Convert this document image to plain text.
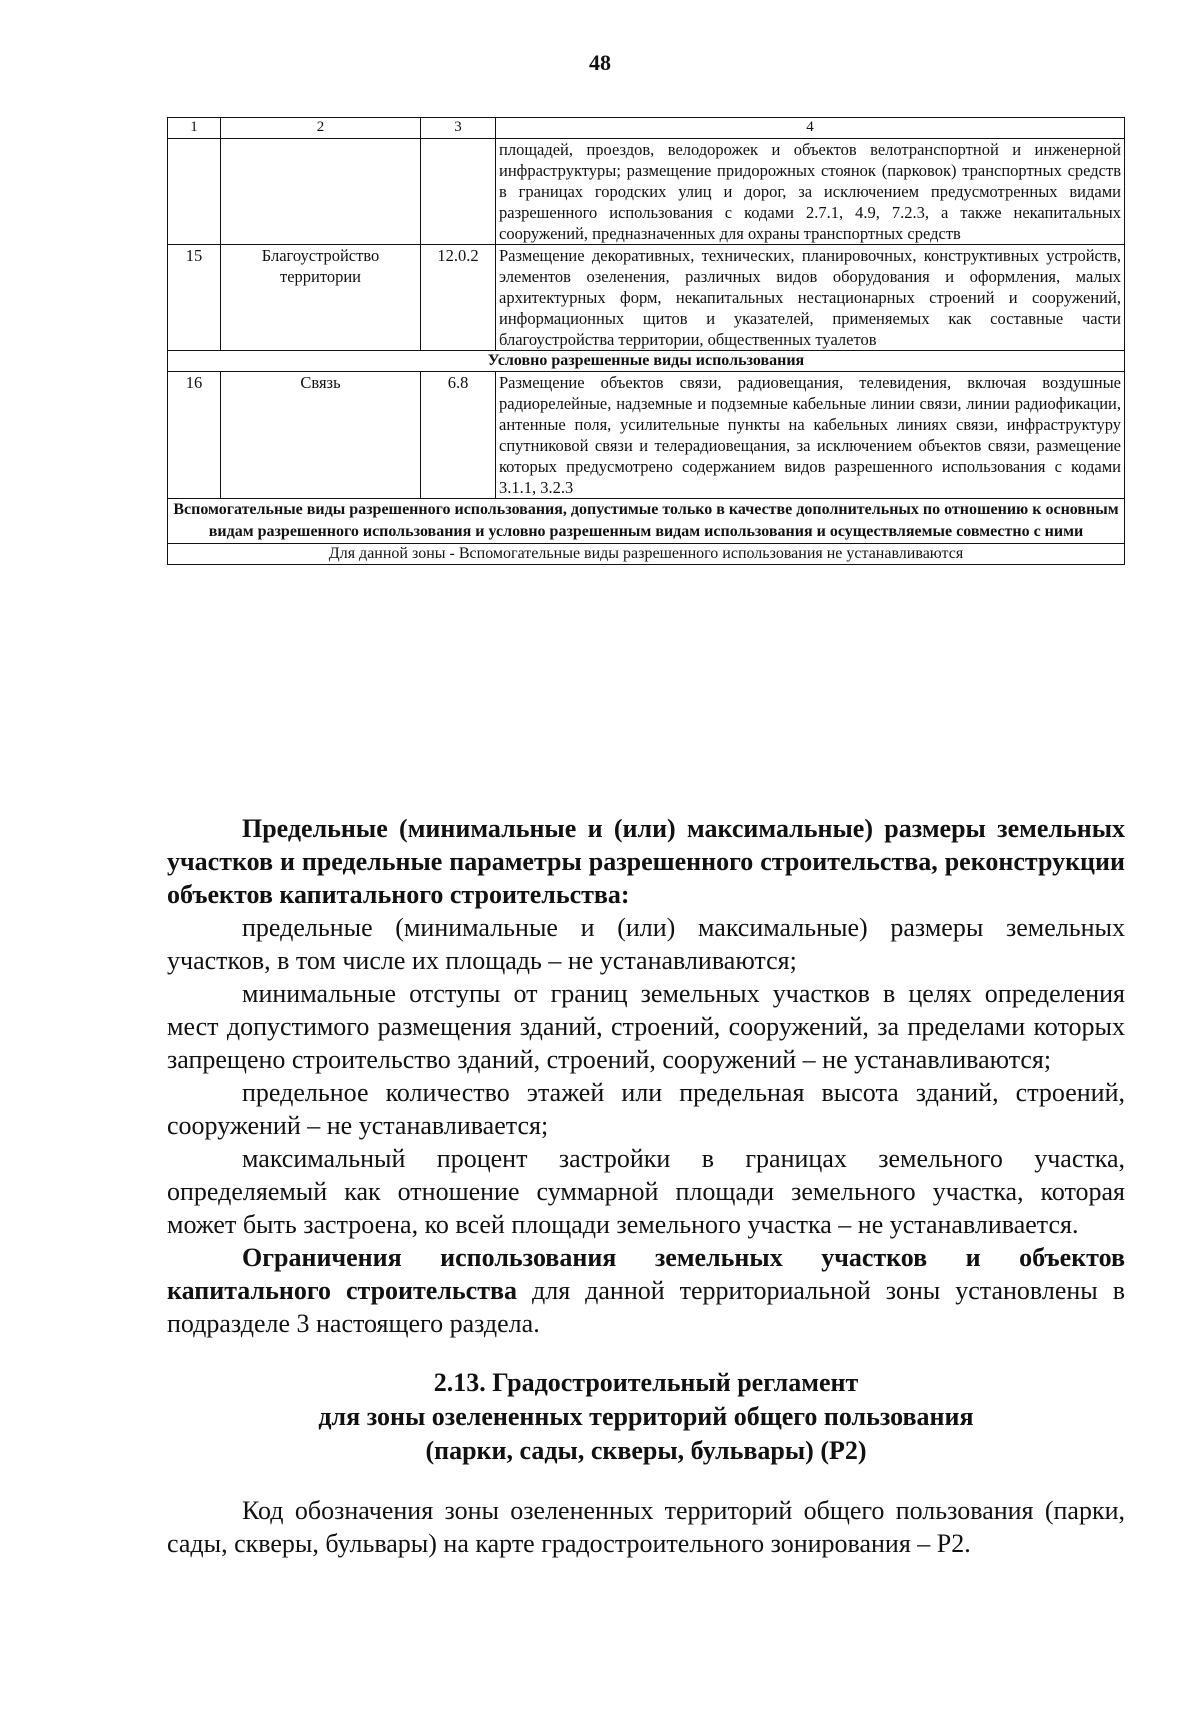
48
1	2	3	4
			площадей, проездов, велодорожек и объектов велотранспортной и инженерной инфраструктуры; размещение придорожных стоянок (парковок) транспортных средств в границах городских улиц и дорог, за исключением предусмотренных видами разрешенного использования с кодами 2.7.1, 4.9, 7.2.3, а также некапитальных сооружений, предназначенных для охраны транспортных средств
15	Благоустройство территории	12.0.2	Размещение декоративных, технических, планировочных, конструктивных устройств, элементов озеленения, различных видов оборудования и оформления, малых архитектурных форм, некапитальных нестационарных строений и сооружений, информационных щитов и указателей, применяемых как составные части благоустройства территории, общественных туалетов
Условно разрешенные виды использования			
16	Связь	6.8	Размещение объектов связи, радиовещания, телевидения, включая воздушные радиорелейные, надземные и подземные кабельные линии связи, линии радиофикации, антенные поля, усилительные пункты на кабельных линиях связи, инфраструктуру спутниковой связи и телерадиовещания, за исключением объектов связи, размещение которых предусмотрено содержанием видов разрешенного использования с кодами 3.1.1, 3.2.3
Вспомогательные виды разрешенного использования, допустимые только в качестве дополнительных по отношению к основным видам разрешенного использования и условно разрешенным видам использования и осуществляемые совместно с ними			
Для данной зоны - Вспомогательные виды разрешенного использования не устанавливаются			

Предельные (минимальные и (или) максимальные) размеры земельных участков и предельные параметры разрешенного строительства, реконструкции объектов капитального строительства:

предельные (минимальные и (или) максимальные) размеры земельных участков, в том числе их площадь – не устанавливаются;

минимальные отступы от границ земельных участков в целях определения мест допустимого размещения зданий, строений, сооружений, за пределами которых запрещено строительство зданий, строений, сооружений – не устанавливаются;

предельное количество этажей или предельная высота зданий, строений, сооружений – не устанавливается;

максимальный процент застройки в границах земельного участка, определяемый как отношение суммарной площади земельного участка, которая может быть застроена, ко всей площади земельного участка – не устанавливается.

Ограничения использования земельных участков и объектов капитального строительства для данной территориальной зоны установлены в подразделе 3 настоящего раздела.

2.13. Градостроительный регламент
для зоны озелененных территорий общего пользования
(парки, сады, скверы, бульвары) (Р2)

Код обозначения зоны озелененных территорий общего пользования (парки, сады, скверы, бульвары) на карте градостроительного зонирования – Р2.
